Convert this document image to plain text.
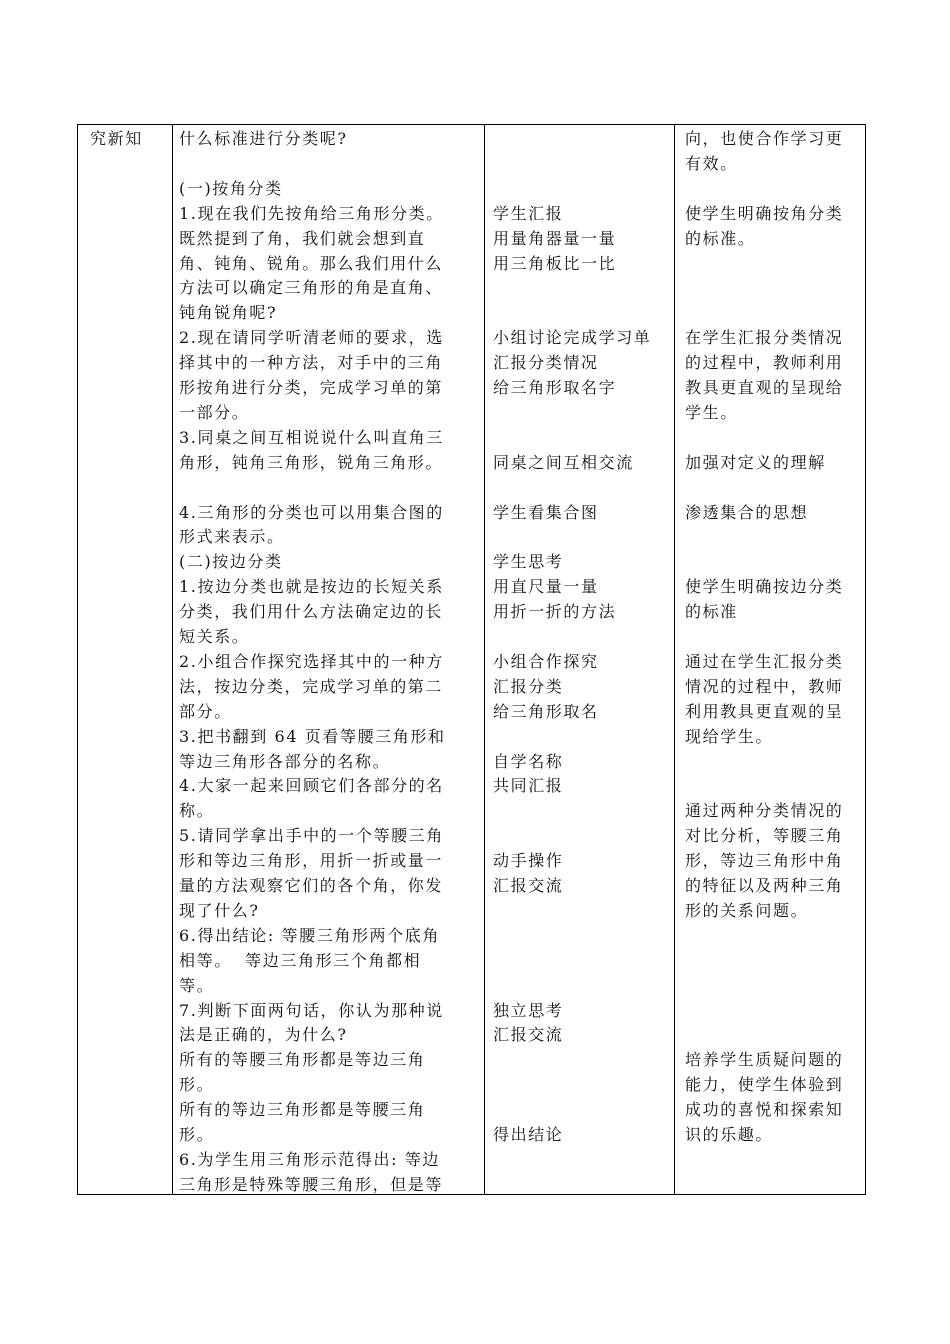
究新知 什么标准进行分类呢?
(一)按角分类
1.现在我们先按角给三角形分类。
既然提到了角，我们就会想到直
角、钝角、锐角。那么我们用什么
方法可以确定三角形的角是直角、
钝角锐角呢?
2.现在请同学听清老师的要求，选
择其中的一种方法，对手中的三角
形按角进行分类，完成学习单的第
一部分。
3.同桌之间互相说说什么叫直角三
角形，钝角三角形，锐角三角形。
4.三角形的分类也可以用集合图的
形式来表示。
(二)按边分类
1.按边分类也就是按边的长短关系
分类，我们用什么方法确定边的长
短关系。
2.小组合作探究选择其中的一种方
法，按边分类，完成学习单的第二
部分。
3.把书翻到 64 页看等腰三角形和
等边三角形各部分的名称。
4.大家一起来回顾它们各部分的名
称。
5.请同学拿出手中的一个等腰三角
形和等边三角形，用折一折或量一
量的方法观察它们的各个角，你发
现了什么?
6.得出结论: 等腰三角形两个底角
相等。  等边三角形三个角都相
等。
7.判断下面两句话，你认为那种说
法是正确的，为什么?
所有的等腰三角形都是等边三角
形。
所有的等边三角形都是等腰三角
形。
6.为学生用三角形示范得出: 等边
三角形是特殊等腰三角形，但是等
学生汇报
用量角器量一量
用三角板比一比
小组讨论完成学习单
汇报分类情况
给三角形取名字
同桌之间互相交流
学生看集合图
学生思考
用直尺量一量
用折一折的方法
小组合作探究
汇报分类
给三角形取名
自学名称
共同汇报
动手操作
汇报交流
独立思考
汇报交流
得出结论
向，也使合作学习更
有效。
使学生明确按角分类
的标准。
在学生汇报分类情况
的过程中，教师利用
教具更直观的呈现给
学生。
加强对定义的理解
渗透集合的思想
使学生明确按边分类
的标准
通过在学生汇报分类
情况的过程中，教师
利用教具更直观的呈
现给学生。
通过两种分类情况的
对比分析，等腰三角
形，等边三角形中角
的特征以及两种三角
形的关系问题。
培养学生质疑问题的
能力，使学生体验到
成功的喜悦和探索知
识的乐趣。
